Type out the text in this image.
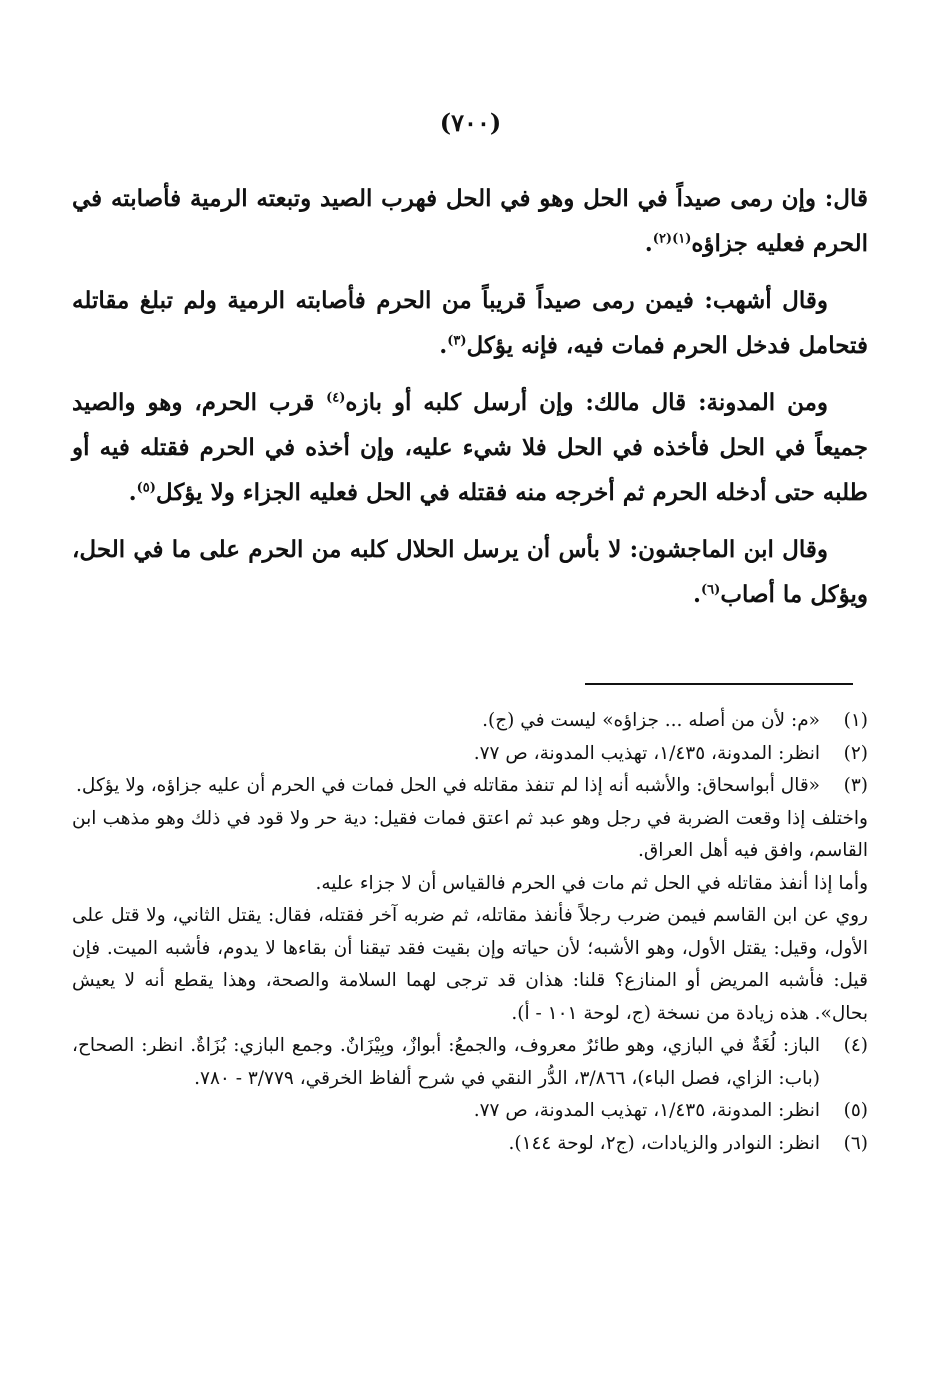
(٧٠٠)

قال: وإن رمى صيداً في الحل وهو في الحل فهرب الصيد وتبعته الرمية فأصابته في الحرم فعليه جزاؤه$^{(١)(٢)}$.

وقال أشهب: فيمن رمى صيداً قريباً من الحرم فأصابته الرمية ولم تبلغ مقاتله فتحامل فدخل الحرم فمات فيه، فإنه يؤكل$^{(٣)}$.

ومن المدونة: قال مالك: وإن أرسل كلبه أو بازه$^{(٤)}$ قرب الحرم، وهو والصيد جميعاً في الحل فأخذه في الحل فلا شيء عليه، وإن أخذه في الحرم فقتله فيه أو طلبه حتى أدخله الحرم ثم أخرجه منه فقتله في الحل فعليه الجزاء ولا يؤكل$^{(٥)}$.

وقال ابن الماجشون: لا بأس أن يرسل الحلال كلبه من الحرم على ما في الحل، ويؤكل ما أصاب$^{(٦)}$.

(١)
«م: لأن من أصله ... جزاؤه» ليست في (ج).
(٢)
انظر: المدونة، ١/٤٣٥، تهذيب المدونة، ص ٧٧.
(٣)
«قال أبواسحاق: والأشبه أنه إذا لم تنفذ مقاتله في الحل فمات في الحرم أن عليه جزاؤه، ولا يؤكل.

واختلف إذا وقعت الضربة في رجل وهو عبد ثم اعتق فمات فقيل: دية حر ولا قود في ذلك وهو مذهب ابن القاسم، وافق فيه أهل العراق.

وأما إذا أنفذ مقاتله في الحل ثم مات في الحرم فالقياس أن لا جزاء عليه.

روي عن ابن القاسم فيمن ضرب رجلاً فأنفذ مقاتله، ثم ضربه آخر فقتله، فقال: يقتل الثاني، ولا قتل على الأول، وقيل: يقتل الأول، وهو الأشبه؛ لأن حياته وإن بقيت فقد تيقنا أن بقاءها لا يدوم، فأشبه الميت. فإن قيل: فأشبه المريض أو المنازع؟ قلنا: هذان قد ترجى لهما السلامة والصحة، وهذا يقطع أنه لا يعيش بحال». هذه زيادة من نسخة (ج، لوحة ١٠١ - أ).

(٤)
الباز: لُغَةٌ في البازي، وهو طائرٌ معروف، والجمعُ: أبوازٌ، وبِيْزَانٌ. وجمع البازي: بُزَاةٌ. انظر: الصحاح، (باب: الزاي، فصل الباء)، ٣/٨٦٦، الدُّر النقي في شرح ألفاظ الخرقي، ٣/٧٧٩ - ٧٨٠.
(٥)
انظر: المدونة، ١/٤٣٥، تهذيب المدونة، ص ٧٧.
(٦)
انظر: النوادر والزيادات، (ج٢، لوحة ١٤٤).
